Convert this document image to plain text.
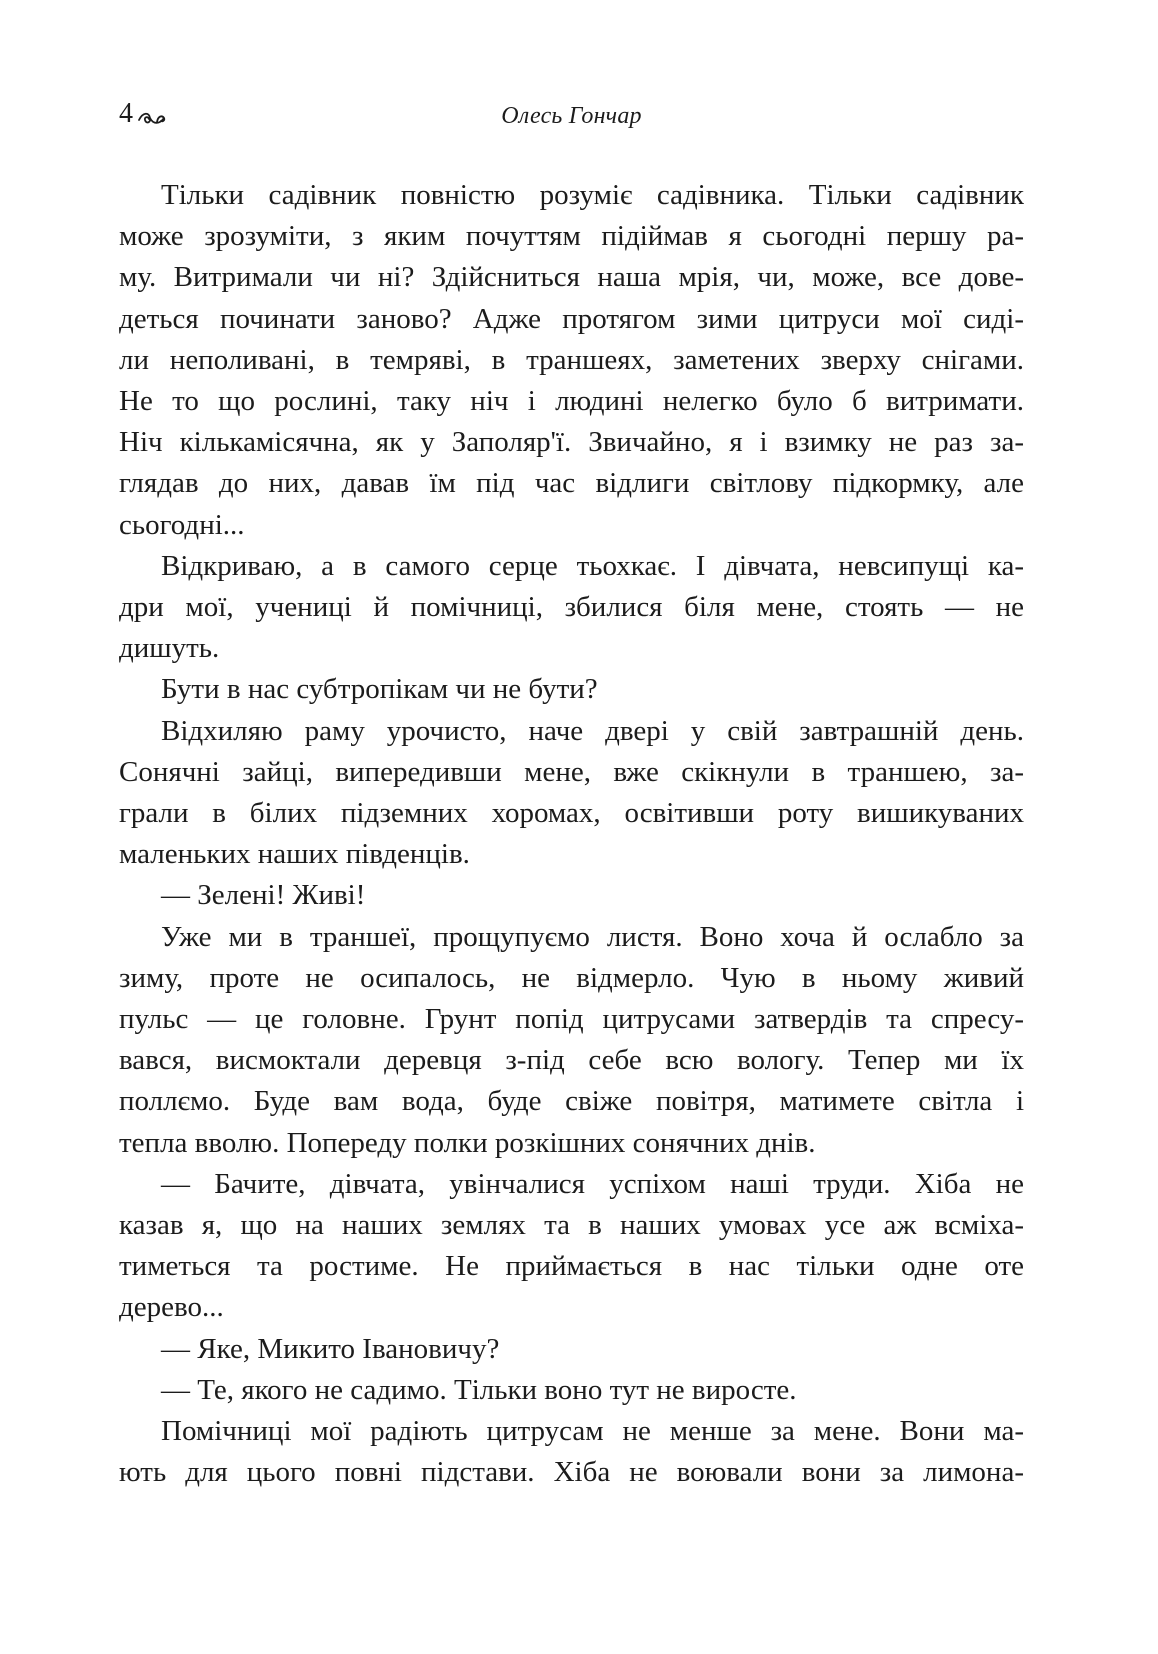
4	Олесь Гончар
Тільки садівник повністю розуміє садівника. Тільки садівник
може зрозуміти, з яким почуттям підіймав я сьогодні першу ра-
му. Витримали чи ні? Здійсниться наша мрія, чи, може, все дове-
деться починати заново? Адже протягом зими цитруси мої сиді-
ли неполивані, в темряві, в траншеях, заметених зверху снігами.
Не то що рослині, таку ніч і людині нелегко було б витримати.
Ніч кількамісячна, як у Заполяр'ї. Звичайно, я і взимку не раз за-
глядав до них, давав їм під час відлиги світлову підкормку, але
сьогодні...
Відкриваю, а в самого серце тьохкає. І дівчата, невсипущі ка-
дри мої, учениці й помічниці, збилися біля мене, стоять — не
дишуть.
Бути в нас субтропікам чи не бути?
Відхиляю раму урочисто, наче двері у свій завтрашній день.
Сонячні зайці, випередивши мене, вже скікнули в траншею, за-
грали в білих підземних хоромах, освітивши роту вишикуваних
маленьких наших південців.
— Зелені! Живі!
Уже ми в траншеї, прощупуємо листя. Воно хоча й ослабло за
зиму, проте не осипалось, не відмерло. Чую в ньому живий
пульс — це головне. Грунт попід цитрусами затвердів та спресу-
вався, висмоктали деревця з-під себе всю вологу. Тепер ми їх
поллємо. Буде вам вода, буде свіже повітря, матимете світла і
тепла вволю. Попереду полки розкішних сонячних днів.
— Бачите, дівчата, увінчалися успіхом наші труди. Хіба не
казав я, що на наших землях та в наших умовах усе аж всміха-
тиметься та ростиме. Не приймається в нас тільки одне оте
дерево...
— Яке, Микито Івановичу?
— Те, якого не садимо. Тільки воно тут не виросте.
Помічниці мої радіють цитрусам не менше за мене. Вони ма-
ють для цього повні підстави. Хіба не воювали вони за лимона-
